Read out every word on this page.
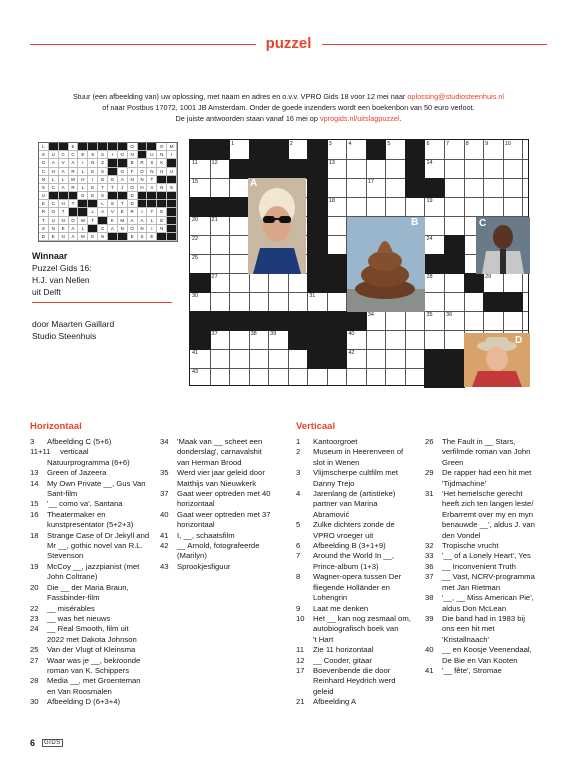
puzzel
Stuur (een afbeelding van) uw oplossing, met naam en adres en o.v.v. VPRO Gids 18 voor 12 mei naar oplossing@studiosteenhuis.nl
of naar Postbus 17072, 1001 JB Amsterdam. Onder de goede inzenders wordt een boekenbon van 50 euro verloot.
De juiste antwoorden staan vanaf 16 mei op vprogids.nl/uitslagpuzzel.
L	E	O	O	M
S	U	C	C	E	S	S	I	O	N	U	N	I
G	A	V	A	I	N	Z	B	R	S	K
C	H	A	R	L	E	S	O	F	O	N	H	U
N	L	L	M	H	I	G	G	A	N	N	T
S	C	A	R	L	E	T	T	J	O	H	A	N	S
U	D	E	S	D
E	C	H	T	L	S	T	D
R	O	T	L	A	V	E	R	I	T	E
T	U	N	O	W	T	K	M	A	A	L	E
S	N	E	A	L	C	A	N	O	N	I	N
D	E	N	A	M	E	N	E	S	E
Winnaar
Puzzel Gids 16:
H.J. van Nellen
uit Delft
door Maarten Gaillard
Studio Steenhuis
1	2	3	4	5	6	7	8	9	10
11	12	13	14
15	17
18	19
20 21
22	24
25
27	28	29
30	31
34	35 36
37	38 39	40
41	42
43
A
B	C
D
Horizontaal
3	Afbeelding C (5+6)
11+11	verticaal
Natuurprogramma (6+6)
13	Green of Jazeera
14	My Own Private __, Gus Van
Sant-film
15	'__ como va', Santana
16	Theatermaker en
kunstpresentator (5+2+3)
18	Strange Case of Dr Jekyll and
Mr __, gothic novel van R.L.
Stevenson
19	McCoy __, jazzpianist (met
John Coltrane)
20	Die __ der Maria Braun,
Fassbinder-film
22	__ misérables
23	__ was het nieuws
24	__ Real Smooth, film uit
2022 met Dakota Johnson
25	Van der Vlugt of Kleinsma
27	Waar was je __, bekroonde
roman van K. Schippers
28	Media __, met Groenteman
en Van Roosmalen
30	Afbeelding D (6+3+4)
34	'Maak van __ scheet een
donderslag', carnavalshit
van Herman Brood
35	Werd vier jaar geleid door
Matthijs van Nieuwkerk
37	Gaat weer optreden met 40
horizontaal
40	Gaat weer optreden met 37
horizontaal
41	I, __, schaatsfilm
42	__ Arnold, fotografeerde
(Marilyn)
43	Sprookjesfiguur
Verticaal
1	Kantoorgroet
2	Museum in Heerenveen of
slot in Wenen
3	Vlijmscherpe cultfilm met
Danny Trejo
4	Jarenlang de (artistieke)
partner van Marina
Abramović
5	Zulke dichters zonde de
VPRO vroeger uit
6	Afbeelding B (3+1+9)
7	Around the World In __,
Prince-album (1+3)
8	Wagner-opera tussen Der
fliegende Holländer en
Lohengrin
9	Laat me denken
10	Het __ kan nog zesmaal om,
autobiografisch boek van
't Hart
11	Zie 11 horizontaal
12	__ Cooder, gitaar
17	Boevenbende die door
Reinhard Heydrich werd
geleid
21	Afbeelding A
26	The Fault in __ Stars,
verfilmde roman van John
Green
29	De rapper had een hit met
'Tijdmachine'
31	'Het hemelsche gerecht
heeft zich ten langen leste/
Erbarremt over my en myn
benauwde __', aldus J. van
den Vondel
32	Tropische vrucht
33	'__ of a Lonely Heart', Yes
36	__ Inconvenient Truth
37	__ Vast, NCRV-programma
met Jan Rietman
38	'__, __ Miss American Pie',
aldus Don McLean
39	Die band had in 1983 bij
ons een hit met
'Kristallnaach'
40	__ en Koosje Veenendaal,
De Bie en Van Kooten
41	'__ fête', Stromae
6	GIDS
